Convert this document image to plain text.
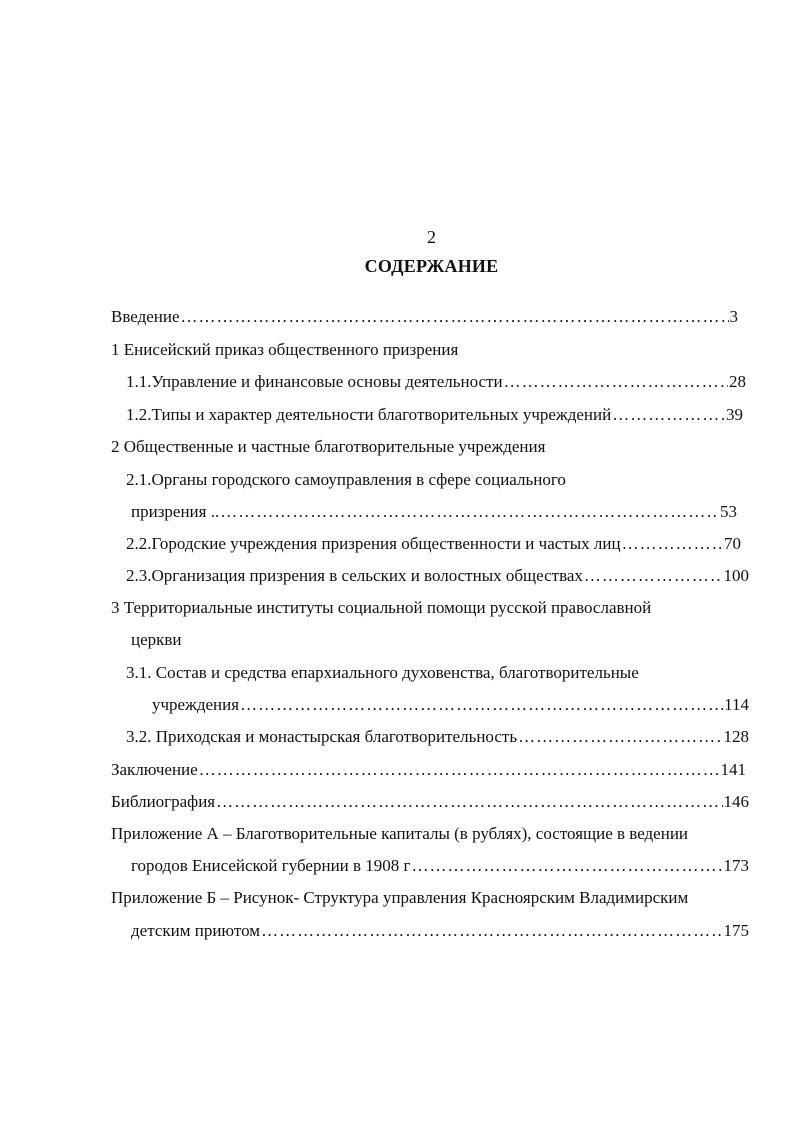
2
СОДЕРЖАНИЕ
Введение ……………………………………………………………………………………………………………………………………	3
1 Енисейский приказ общественного призрения
1.1.Управление и финансовые основы деятельности ……………………………………………………………………………………………………………………………………	28
1.2.Типы и характер деятельности благотворительных учреждений ……………………………………………………………………………………………………………………………………	39
2 Общественные и частные благотворительные учреждения
2.1.Органы городского самоуправления в сфере социального
призрения .. ……………………………………………………………………………………………………………………………………	53
2.2.Городские учреждения призрения общественности и частых лиц ……………………………………………………………………………………………………………………………………	70
2.3.Организация призрения в сельских и волостных обществах ……………………………………………………………………………………………………………………………………	100
3 Территориальные институты социальной помощи русской православной
церкви
3.1. Состав и средства епархиального духовенства, благотворительные
учреждения ……………………………………………………………………………………………………………………………………	114
3.2. Приходская и монастырская благотворительность ……………………………………………………………………………………………………………………………………	128
Заключение ……………………………………………………………………………………………………………………………………	141
Библиография ……………………………………………………………………………………………………………………………………	146
Приложение А – Благотворительные капиталы (в рублях), состоящие в ведении
городов Енисейской губернии в 1908 г ……………………………………………………………………………………………………………………………………	173
Приложение Б – Рисунок- Структура управления Красноярским Владимирским
детским приютом ……………………………………………………………………………………………………………………………………	175
